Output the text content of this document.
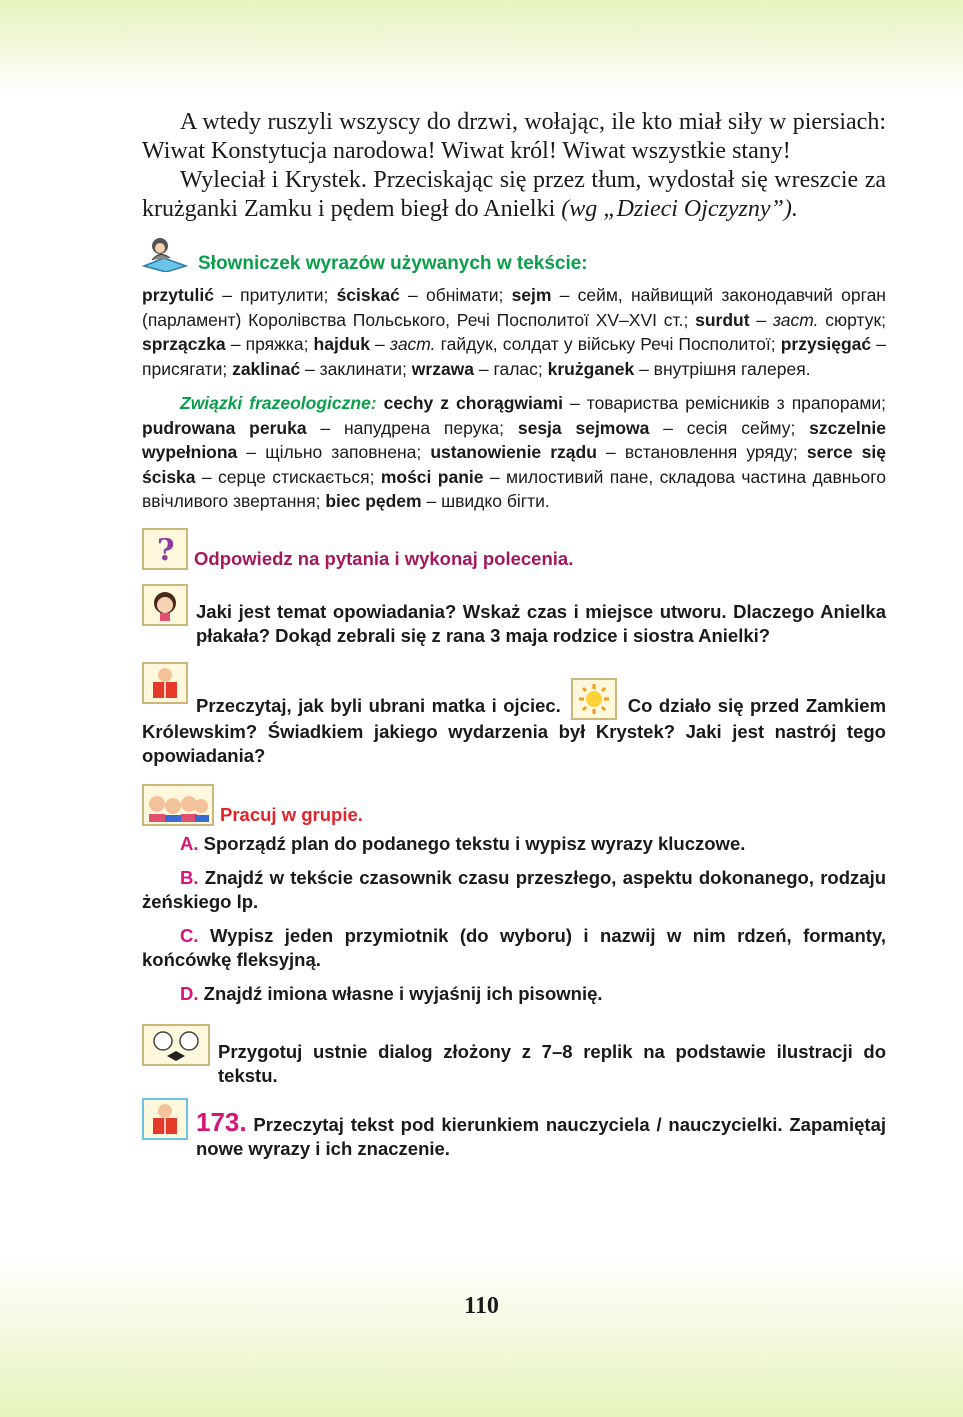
A wtedy ruszyli wszyscy do drzwi, wołając, ile kto miał siły w piersiach: Wiwat Konstytucja narodowa! Wiwat król! Wiwat wszystkie stany!

Wyleciał i Krystek. Przeciskając się przez tłum, wydostał się wreszcie za krużganki Zamku i pędem biegł do Anielki (wg „Dzieci Ojczyzny”).

Słowniczek wyrazów używanych w tekście:
przytulić – притулити; ściskać – обнімати; sejm – сейм, найвищий законодавчий орган (парламент) Королівства Польського, Речі Посполитої XV–XVI ст.; surdut – заст. сюртук; sprzączka – пряжка; hajduk – заст. гайдук, солдат у війську Речі Посполитої; przysięgać – присягати; zaklinać – заклинати; wrzawa – галас; krużganek – внутрішня галерея.
Związki frazeologiczne: cechy z chorągwiami – товариства ремісників з прапорами; pudrowana peruka – напудрена перука; sesja sejmowa – сесія сейму; szczelnie wypełniona – щільно заповнена; ustanowienie rządu – встановлення уряду; serce się ściska – серце стискається; mości panie – милостивий пане, складова частина давнього ввічливого звертання; biec pędem – швидко бігти.
? Odpowiedz na pytania i wykonaj polecenia.
Jaki jest temat opowiadania? Wskaż czas i miejsce utworu. Dlaczego Anielka płakała? Dokąd zebrali się z rana 3 maja rodzice i siostra Anielki?
Przeczytaj, jak byli ubrani matka i ojciec.	Co działo się przed Zamkiem Królewskim? Świadkiem jakiego wydarzenia był Krystek? Jaki jest nastrój tego opowiadania?
Pracuj w grupie.
A. Sporządź plan do podanego tekstu i wypisz wyrazy kluczowe.
B. Znajdź w tekście czasownik czasu przeszłego, aspektu dokonanego, rodzaju żeńskiego lp.
C. Wypisz jeden przymiotnik (do wyboru) i nazwij w nim rdzeń, formanty, końcówkę fleksyjną.
D. Znajdź imiona własne i wyjaśnij ich pisownię.
Przygotuj ustnie dialog złożony z 7–8 replik na podstawie ilustracji do tekstu.
173. Przeczytaj tekst pod kierunkiem nauczyciela / nauczycielki. Zapamiętaj nowe wyrazy i ich znaczenie.
110
